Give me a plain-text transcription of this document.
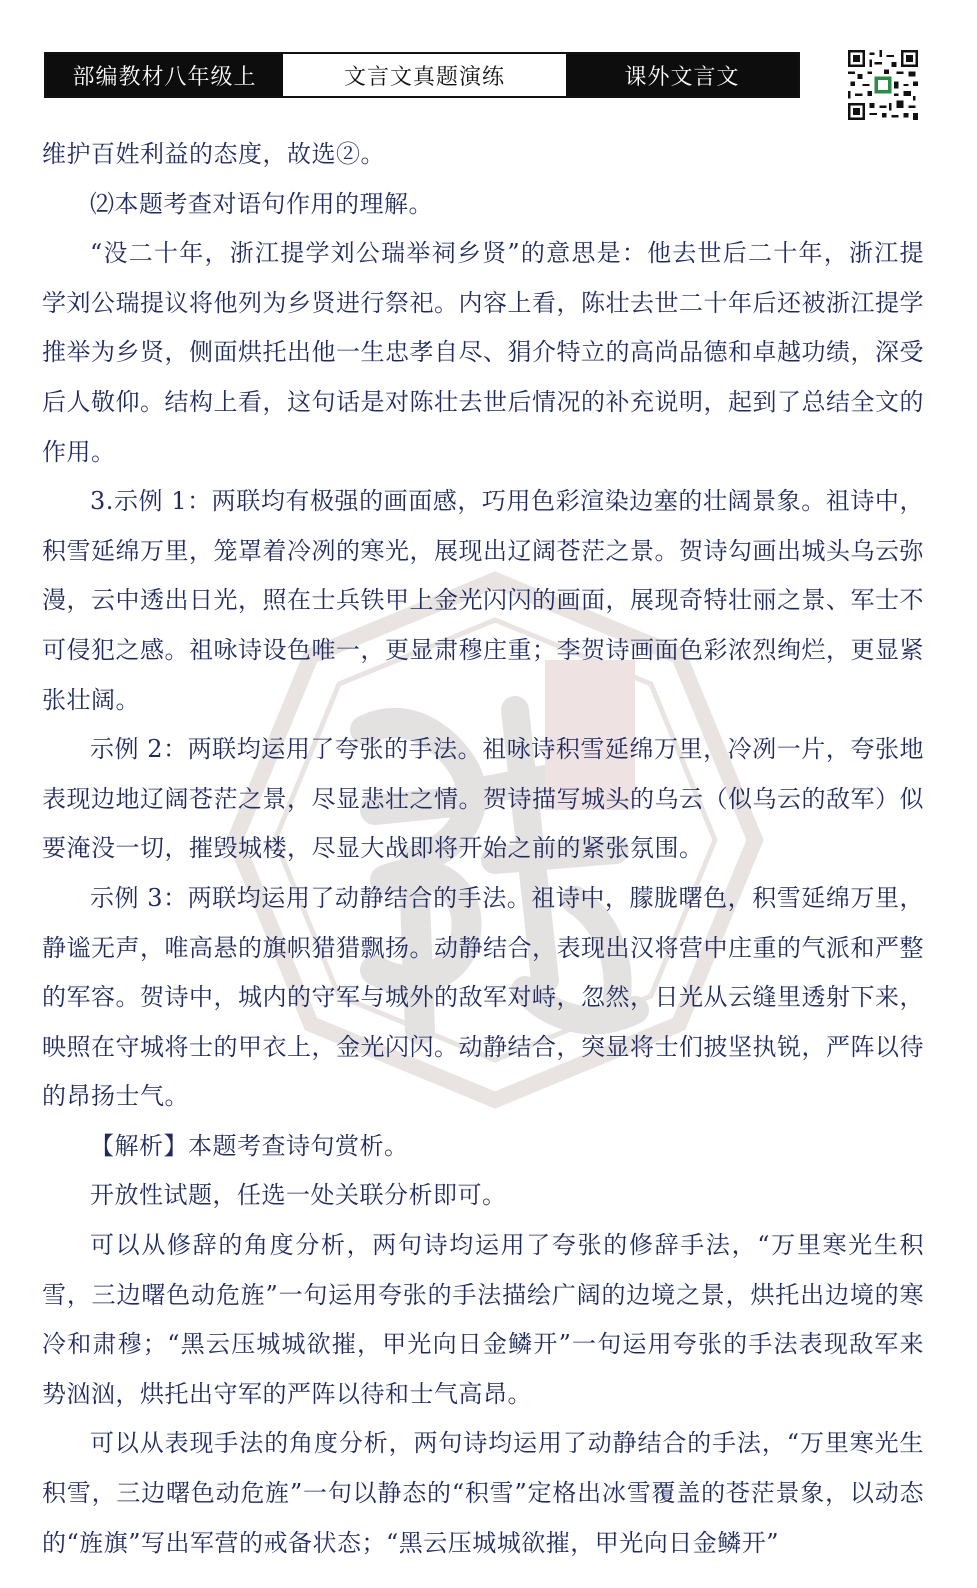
部编教材八年级上	文言文真题演练	课外文言文

维护百姓利益的态度，故选②。

⑵本题考查对语句作用的理解。

“没二十年，浙江提学刘公瑞举祠乡贤”的意思是：他去世后二十年，浙江提学刘公瑞提议将他列为乡贤进行祭祀。内容上看，陈壮去世二十年后还被浙江提学推举为乡贤，侧面烘托出他一生忠孝自尽、狷介特立的高尚品德和卓越功绩，深受后人敬仰。结构上看，这句话是对陈壮去世后情况的补充说明，起到了总结全文的作用。

3.示例 1：两联均有极强的画面感，巧用色彩渲染边塞的壮阔景象。祖诗中，积雪延绵万里，笼罩着冷冽的寒光，展现出辽阔苍茫之景。贺诗勾画出城头乌云弥漫，云中透出日光，照在士兵铁甲上金光闪闪的画面，展现奇特壮丽之景、军士不可侵犯之感。祖咏诗设色唯一，更显肃穆庄重；李贺诗画面色彩浓烈绚烂，更显紧张壮阔。

示例 2：两联均运用了夸张的手法。祖咏诗积雪延绵万里，冷冽一片，夸张地表现边地辽阔苍茫之景，尽显悲壮之情。贺诗描写城头的乌云（似乌云的敌军）似要淹没一切，摧毁城楼，尽显大战即将开始之前的紧张氛围。

示例 3：两联均运用了动静结合的手法。祖诗中，朦胧曙色，积雪延绵万里，静谧无声，唯高悬的旗帜猎猎飘扬。动静结合，表现出汉将营中庄重的气派和严整的军容。贺诗中，城内的守军与城外的敌军对峙，忽然，日光从云缝里透射下来，映照在守城将士的甲衣上，金光闪闪。动静结合，突显将士们披坚执锐，严阵以待的昂扬士气。

【解析】本题考查诗句赏析。

开放性试题，任选一处关联分析即可。

可以从修辞的角度分析，两句诗均运用了夸张的修辞手法，“万里寒光生积雪，三边曙色动危旌”一句运用夸张的手法描绘广阔的边境之景，烘托出边境的寒冷和肃穆；“黑云压城城欲摧，甲光向日金鳞开”一句运用夸张的手法表现敌军来势汹汹，烘托出守军的严阵以待和士气高昂。

可以从表现手法的角度分析，两句诗均运用了动静结合的手法，“万里寒光生积雪，三边曙色动危旌”一句以静态的“积雪”定格出冰雪覆盖的苍茫景象，以动态的“旌旗”写出军营的戒备状态；“黑云压城城欲摧，甲光向日金鳞开”
